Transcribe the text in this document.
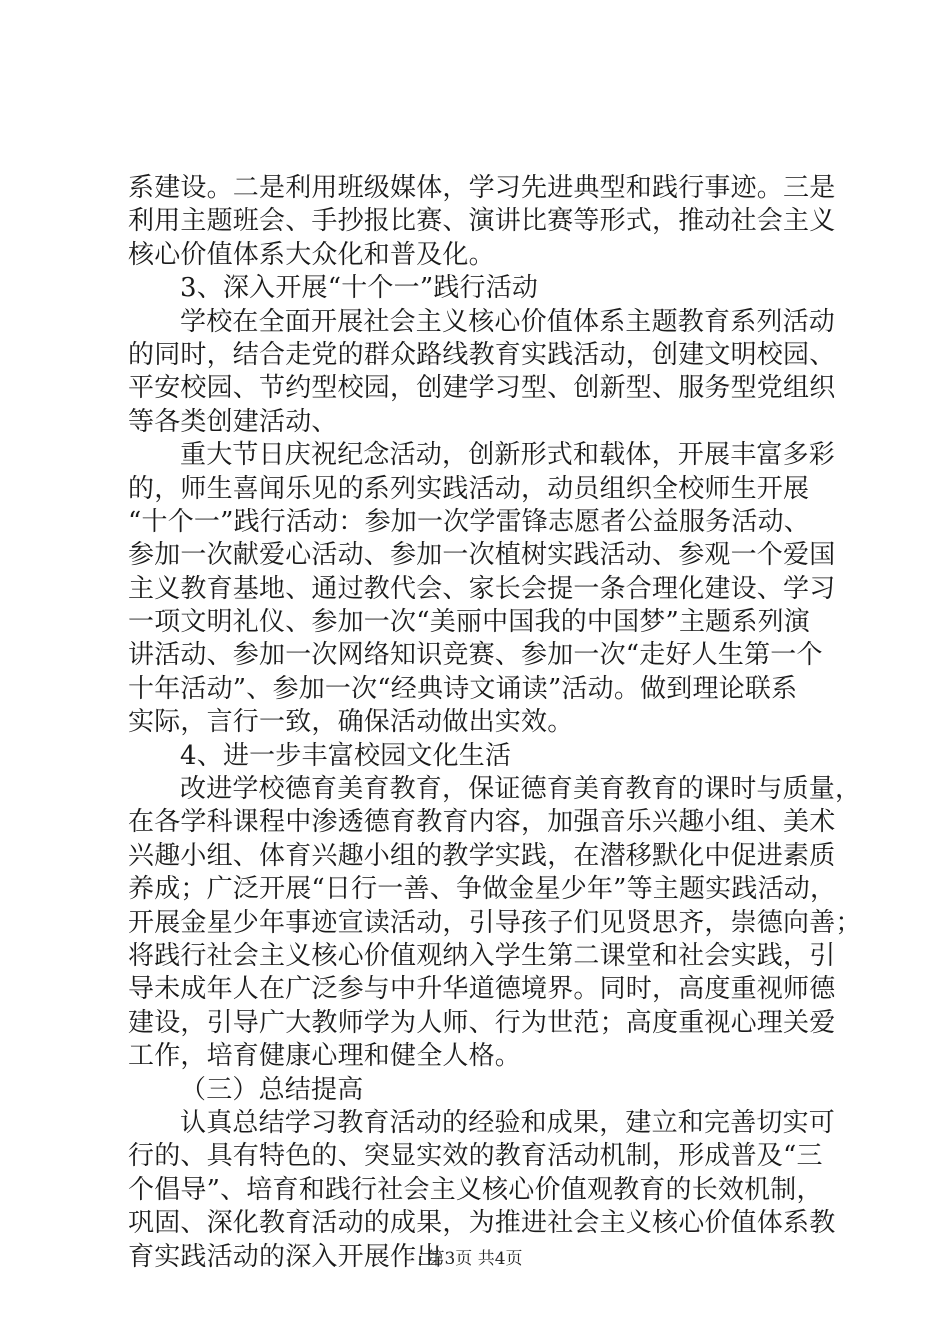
系建设。二是利用班级媒体，学习先进典型和践行事迹。三是
利用主题班会、手抄报比赛、演讲比赛等形式，推动社会主义
核心价值体系大众化和普及化。
3、深入开展“十个一”践行活动
学校在全面开展社会主义核心价值体系主题教育系列活动
的同时，结合走党的群众路线教育实践活动，创建文明校园、
平安校园、节约型校园，创建学习型、创新型、服务型党组织
等各类创建活动、
重大节日庆祝纪念活动，创新形式和载体，开展丰富多彩
的，师生喜闻乐见的系列实践活动，动员组织全校师生开展
“十个一”践行活动：参加一次学雷锋志愿者公益服务活动、
参加一次献爱心活动、参加一次植树实践活动、参观一个爱国
主义教育基地、通过教代会、家长会提一条合理化建设、学习
一项文明礼仪、参加一次“美丽中国我的中国梦”主题系列演
讲活动、参加一次网络知识竞赛、参加一次“走好人生第一个
十年活动”、参加一次“经典诗文诵读”活动。做到理论联系
实际，言行一致，确保活动做出实效。
4、进一步丰富校园文化生活
改进学校德育美育教育，保证德育美育教育的课时与质量，
在各学科课程中渗透德育教育内容，加强音乐兴趣小组、美术
兴趣小组、体育兴趣小组的教学实践，在潜移默化中促进素质
养成；广泛开展“日行一善、争做金星少年”等主题实践活动，
开展金星少年事迹宣读活动，引导孩子们见贤思齐，崇德向善；
将践行社会主义核心价值观纳入学生第二课堂和社会实践，引
导未成年人在广泛参与中升华道德境界。同时，高度重视师德
建设，引导广大教师学为人师、行为世范；高度重视心理关爱
工作，培育健康心理和健全人格。
（三）总结提高
认真总结学习教育活动的经验和成果，建立和完善切实可
行的、具有特色的、突显实效的教育活动机制，形成普及“三
个倡导”、培育和践行社会主义核心价值观教育的长效机制，
巩固、深化教育活动的成果，为推进社会主义核心价值体系教
育实践活动的深入开展作出
第3页 共4页
